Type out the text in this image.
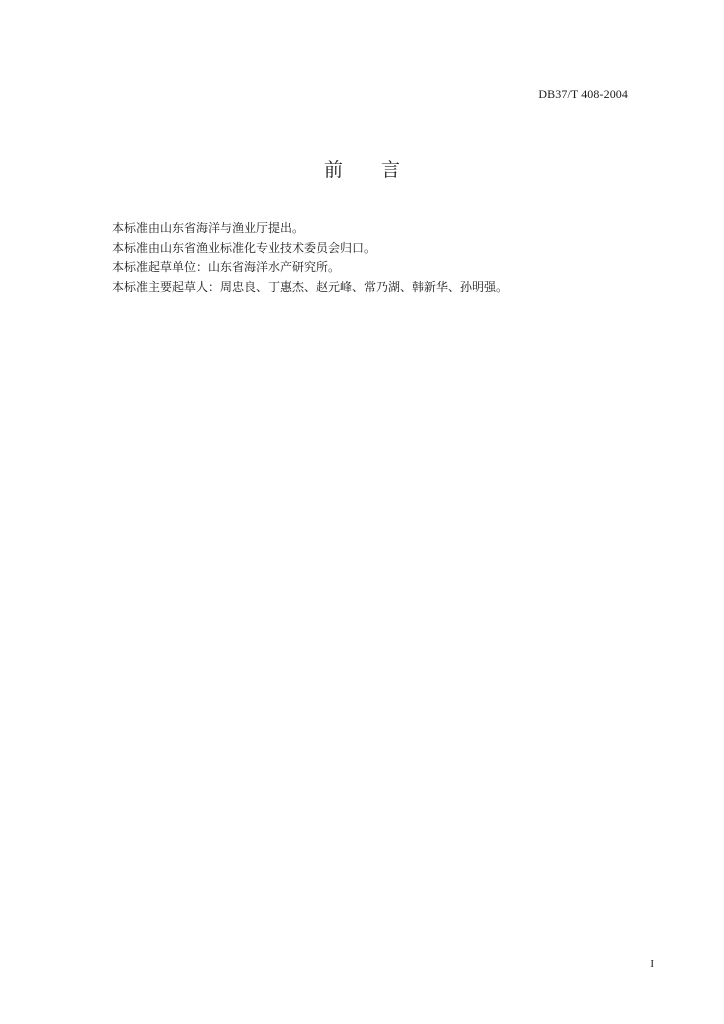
DB37/T 408-2004
前言

本标准由山东省海洋与渔业厅提出。

本标准由山东省渔业标准化专业技术委员会归口。

本标准起草单位：山东省海洋水产研究所。

本标准主要起草人：周忠良、丁惠杰、赵元峰、常乃湖、韩新华、孙明强。

I
